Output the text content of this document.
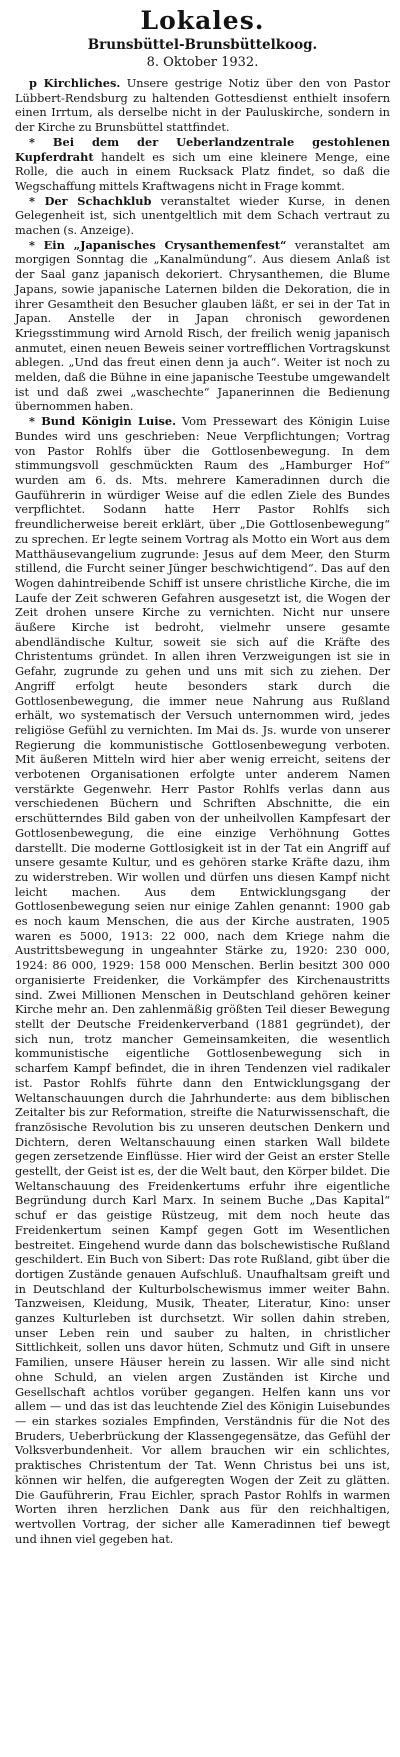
Lokales.
Brunsbüttel-Brunsbüttelkoog.
8. Oktober 1932.
p Kirchliches. Unsere gestrige Notiz über den von Pastor Lübbert-Rendsburg zu haltenden Gottesdienst enthielt insofern einen Irrtum, als derselbe nicht in der Pauluskirche, sondern in der Kirche zu Brunsbüttel stattfindet.
* Bei dem der Ueberlandzentrale gestohlenen Kupferdraht handelt es sich um eine kleinere Menge, eine Rolle, die auch in einem Rucksack Platz findet, so daß die Wegschaffung mittels Kraftwagens nicht in Frage kommt.
* Der Schachklub veranstaltet wieder Kurse, in denen Gelegenheit ist, sich unentgeltlich mit dem Schach vertraut zu machen (s. Anzeige).
* Ein „Japanisches Crysanthemenfest“ veranstaltet am morgigen Sonntag die „Kanalmündung“. Aus diesem Anlaß ist der Saal ganz japanisch dekoriert. Chrysanthemen, die Blume Japans, sowie japanische Laternen bilden die Dekoration, die in ihrer Gesamtheit den Besucher glauben läßt, er sei in der Tat in Japan. Anstelle der in Japan chronisch gewordenen Kriegsstimmung wird Arnold Risch, der freilich wenig japanisch anmutet, einen neuen Beweis seiner vortrefflichen Vortragskunst ablegen. „Und das freut einen denn ja auch“. Weiter ist noch zu melden, daß die Bühne in eine japanische Teestube umgewandelt ist und daß zwei „waschechte“ Japanerinnen die Bedienung übernommen haben.
* Bund Königin Luise. Vom Pressewart des Königin Luise Bundes wird uns geschrieben: Neue Verpflichtungen; Vortrag von Pastor Rohlfs über die Gottlosenbewegung. In dem stimmungsvoll geschmückten Raum des „Hamburger Hof“ wurden am 6. ds. Mts. mehrere Kameradinnen durch die Gauführerin in würdiger Weise auf die edlen Ziele des Bundes verpflichtet. Sodann hatte Herr Pastor Rohlfs sich freundlicherweise bereit erklärt, über „Die Gottlosenbewegung“ zu sprechen. Er legte seinem Vortrag als Motto ein Wort aus dem Matthäusevangelium zugrunde: Jesus auf dem Meer, den Sturm stillend, die Furcht seiner Jünger beschwichtigend“. Das auf den Wogen dahintreibende Schiff ist unsere christliche Kirche, die im Laufe der Zeit schweren Gefahren ausgesetzt ist, die Wogen der Zeit drohen unsere Kirche zu vernichten. Nicht nur unsere äußere Kirche ist bedroht, vielmehr unsere gesamte abendländische Kultur, soweit sie sich auf die Kräfte des Christentums gründet. In allen ihren Verzweigungen ist sie in Gefahr, zugrunde zu gehen und uns mit sich zu ziehen. Der Angriff erfolgt heute besonders stark durch die Gottlosenbewegung, die immer neue Nahrung aus Rußland erhält, wo systematisch der Versuch unternommen wird, jedes religiöse Gefühl zu vernichten. Im Mai ds. Js. wurde von unserer Regierung die kommunistische Gottlosenbewegung verboten. Mit äußeren Mitteln wird hier aber wenig erreicht, seitens der verbotenen Organisationen erfolgte unter anderem Namen verstärkte Gegenwehr. Herr Pastor Rohlfs verlas dann aus verschiedenen Büchern und Schriften Abschnitte, die ein erschütterndes Bild gaben von der unheilvollen Kampfesart der Gottlosenbewegung, die eine einzige Verhöhnung Gottes darstellt. Die moderne Gottlosigkeit ist in der Tat ein Angriff auf unsere gesamte Kultur, und es gehören starke Kräfte dazu, ihm zu widerstreben. Wir wollen und dürfen uns diesen Kampf nicht leicht machen. Aus dem Entwicklungsgang der Gottlosenbewegung seien nur einige Zahlen genannt: 1900 gab es noch kaum Menschen, die aus der Kirche austraten, 1905 waren es 5000, 1913: 22 000, nach dem Kriege nahm die Austrittsbewegung in ungeahnter Stärke zu, 1920: 230 000, 1924: 86 000, 1929: 158 000 Menschen. Berlin besitzt 300 000 organisierte Freidenker, die Vorkämpfer des Kirchenaustritts sind. Zwei Millionen Menschen in Deutschland gehören keiner Kirche mehr an. Den zahlenmäßig größten Teil dieser Bewegung stellt der Deutsche Freidenkerverband (1881 gegründet), der sich nun, trotz mancher Gemeinsamkeiten, die wesentlich kommunistische eigentliche Gottlosenbewegung sich in scharfem Kampf befindet, die in ihren Tendenzen viel radikaler ist. Pastor Rohlfs führte dann den Entwicklungsgang der Weltanschauungen durch die Jahrhunderte: aus dem biblischen Zeitalter bis zur Reformation, streifte die Naturwissenschaft, die französische Revolution bis zu unseren deutschen Denkern und Dichtern, deren Weltanschauung einen starken Wall bildete gegen zersetzende Einflüsse. Hier wird der Geist an erster Stelle gestellt, der Geist ist es, der die Welt baut, den Körper bildet. Die Weltanschauung des Freidenkertums erfuhr ihre eigentliche Begründung durch Karl Marx. In seinem Buche „Das Kapital“ schuf er das geistige Rüstzeug, mit dem noch heute das Freidenkertum seinen Kampf gegen Gott im Wesentlichen bestreitet. Eingehend wurde dann das bolschewistische Rußland geschildert. Ein Buch von Sibert: Das rote Rußland, gibt über die dortigen Zustände genauen Aufschluß. Unaufhaltsam greift und in Deutschland der Kulturbolschewismus immer weiter Bahn. Tanzweisen, Kleidung, Musik, Theater, Literatur, Kino: unser ganzes Kulturleben ist durchsetzt. Wir sollen dahin streben, unser Leben rein und sauber zu halten, in christlicher Sittlichkeit, sollen uns davor hüten, Schmutz und Gift in unsere Familien, unsere Häuser herein zu lassen. Wir alle sind nicht ohne Schuld, an vielen argen Zuständen ist Kirche und Gesellschaft achtlos vorüber gegangen. Helfen kann uns vor allem — und das ist das leuchtende Ziel des Königin Luisebundes — ein starkes soziales Empfinden, Verständnis für die Not des Bruders, Ueberbrückung der Klassengegensätze, das Gefühl der Volksverbundenheit. Vor allem brauchen wir ein schlichtes, praktisches Christentum der Tat. Wenn Christus bei uns ist, können wir helfen, die aufgeregten Wogen der Zeit zu glätten. Die Gauführerin, Frau Eichler, sprach Pastor Rohlfs in warmen Worten ihren herzlichen Dank aus für den reichhaltigen, wertvollen Vortrag, der sicher alle Kameradinnen tief bewegt und ihnen viel gegeben hat.
